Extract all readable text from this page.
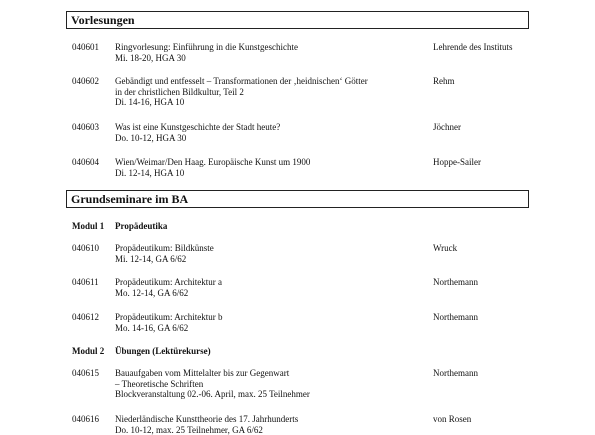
Vorlesungen
040601 Ringvorlesung: Einführung in die Kunstgeschichte
Mi. 18-20, HGA 30
Lehrende des Instituts
040602 Gebändigt und entfesselt – Transformationen der ‚heidnischen‘ Götter
in der christlichen Bildkultur, Teil 2
Di. 14-16, HGA 10
Rehm
040603 Was ist eine Kunstgeschichte der Stadt heute?
Do. 10-12, HGA 30
Jöchner
040604 Wien/Weimar/Den Haag. Europäische Kunst um 1900
Di. 12-14, HGA 10
Hoppe-Sailer
Grundseminare im BA
Modul 1 Propädeutika
040610 Propädeutikum: Bildkünste
Mi. 12-14, GA 6/62
Wruck
040611 Propädeutikum: Architektur a
Mo. 12-14, GA 6/62
Northemann
040612 Propädeutikum: Architektur b
Mo. 14-16, GA 6/62
Northemann
Modul 2 Übungen (Lektürekurse)
040615 Bauaufgaben vom Mittelalter bis zur Gegenwart
– Theoretische Schriften
Blockveranstaltung 02.-06. April, max. 25 Teilnehmer
Northemann
040616 Niederländische Kunsttheorie des 17. Jahrhunderts
Do. 10-12, max. 25 Teilnehmer, GA 6/62
von Rosen
